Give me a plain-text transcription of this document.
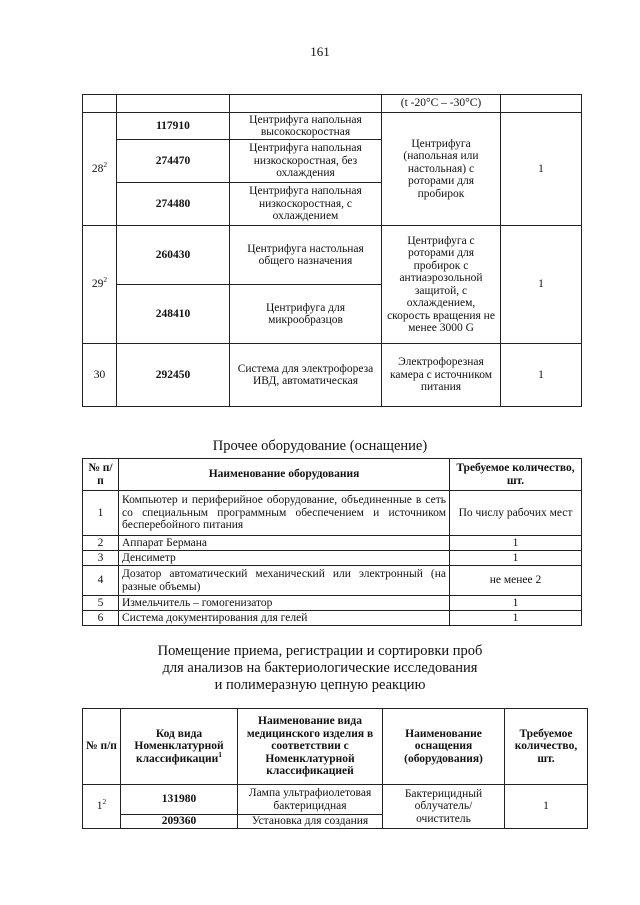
161
			(t -20°C – -30°C)	
$28^2$	117910	Центрифуга напольная высокоскоростная	Центрифуга (напольная или настольная) с роторами для пробирок	1
	274470	Центрифуга напольная низкоскоростная, без охлаждения		
	274480	Центрифуга напольная низкоскоростная, с охлаждением		
$29^2$	260430	Центрифуга настольная общего назначения	Центрифуга с роторами для пробирок с антиаэрозольной защитой, с охлаждением, скорость вращения не менее 3000 G	1
	248410	Центрифуга для микрообразцов		
30	292450	Система для электрофореза ИВД, автоматическая	Электрофорезная камера с источником питания	1
Прочее оборудование (оснащение)
№ п/п	Наименование оборудования	Требуемое количество, шт.
1	Компьютер и периферийное оборудование, объединенные в сеть со специальным программным обеспечением и источником бесперебойного питания	По числу рабочих мест
2	Аппарат Бермана	1
3	Денсиметр	1
4	Дозатор автоматический механический или электронный (на разные объемы)	не менее 2
5	Измельчитель – гомогенизатор	1
6	Система документирования для гелей	1
Помещение приема, регистрации и сортировки проб
для анализов на бактериологические исследования
и полимеразную цепную реакцию
№ п/п	Код вида Номенклатурной классификации$^1$	Наименование вида медицинского изделия в соответствии с Номенклатурной классификацией	Наименование оснащения (оборудования)	Требуемое количество, шт.
$1^2$	131980	Лампа ультрафиолетовая бактерицидная	Бактерицидный облучатель/ очиститель	1
	209360	Установка для создания		
